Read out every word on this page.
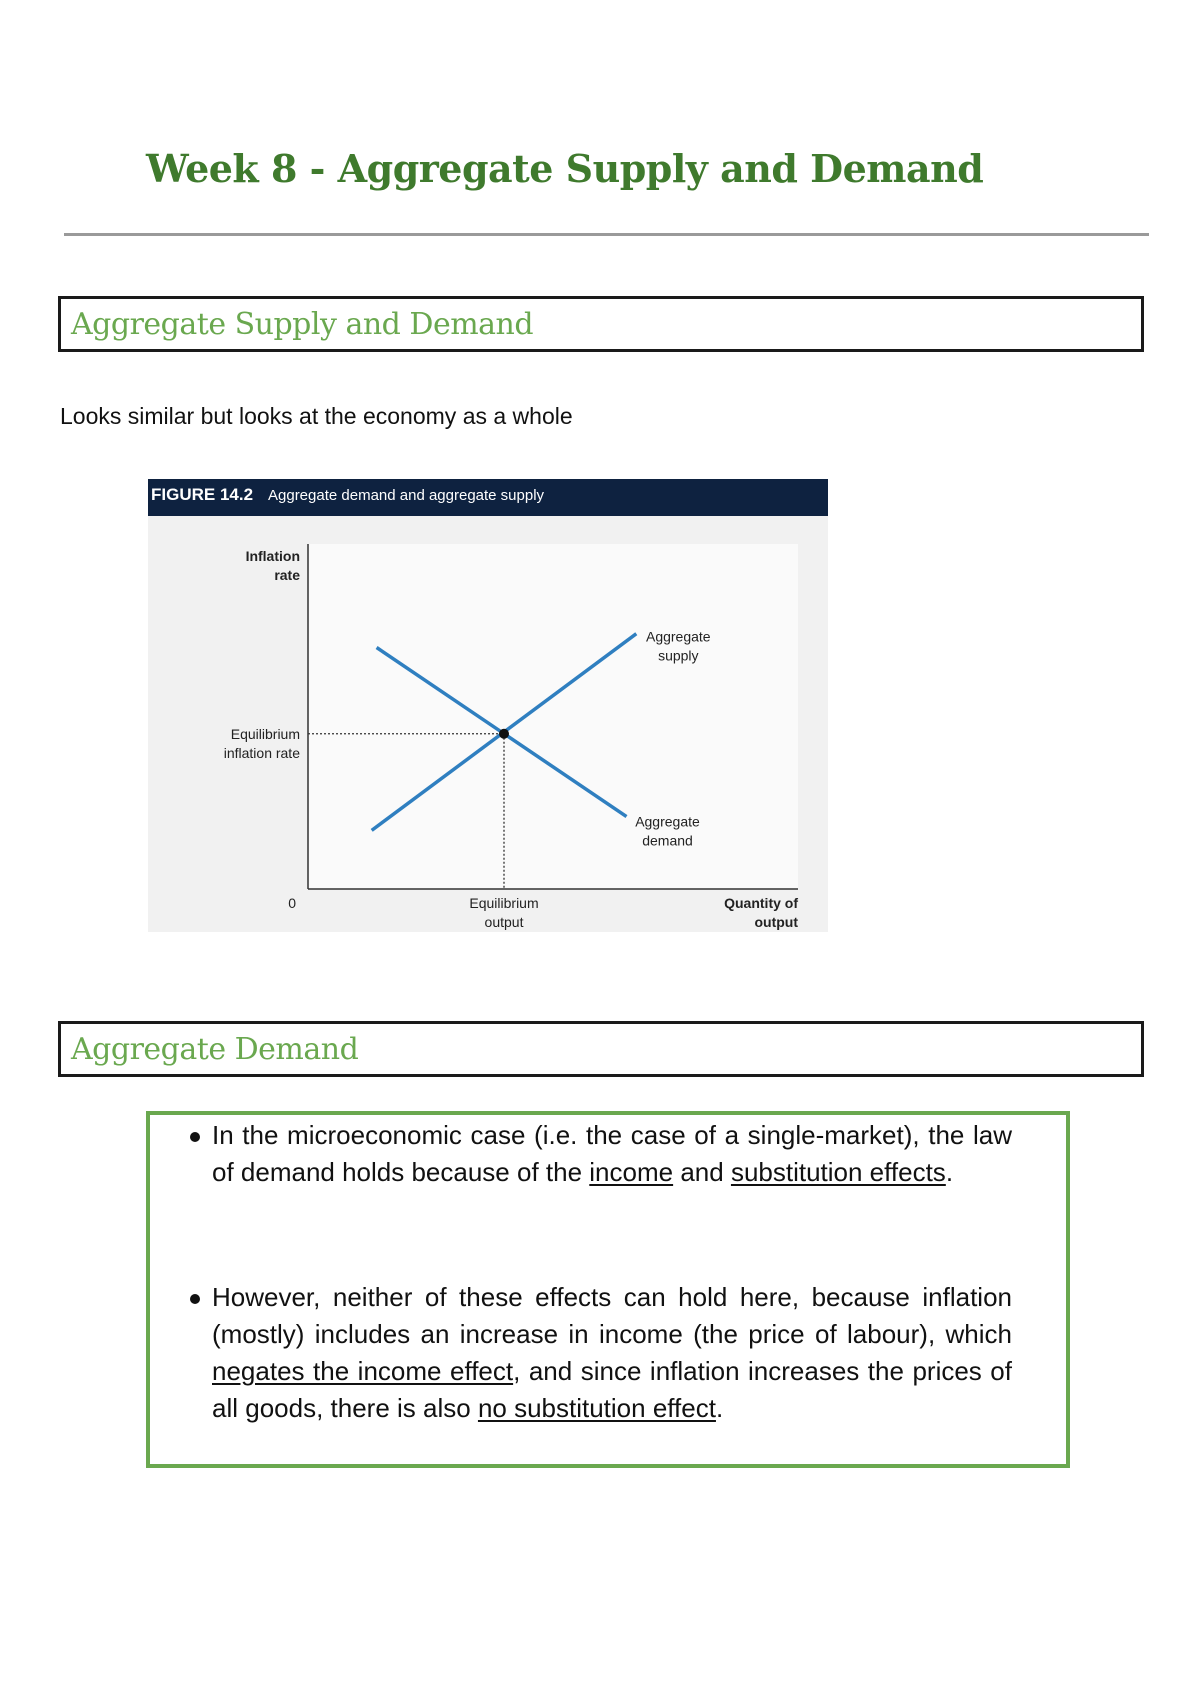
Week 8 - Aggregate Supply and Demand
Aggregate Supply and Demand

Looks similar but looks at the economy as a whole

FIGURE 14.2 Aggregate demand and aggregate supply
Inflation rate
Equilibrium inflation rate
Quantity of output
Equilibrium output
0
Aggregate supply
Aggregate demand
Aggregate Demand

In the microeconomic case (i.e. the case of a single-market), the law of demand holds because of the income and substitution effects.

However, neither of these effects can hold here, because inflation (mostly) includes an increase in income (the price of labour), which negates the income effect, and since inflation increases the prices of all goods, there is also no substitution effect.
